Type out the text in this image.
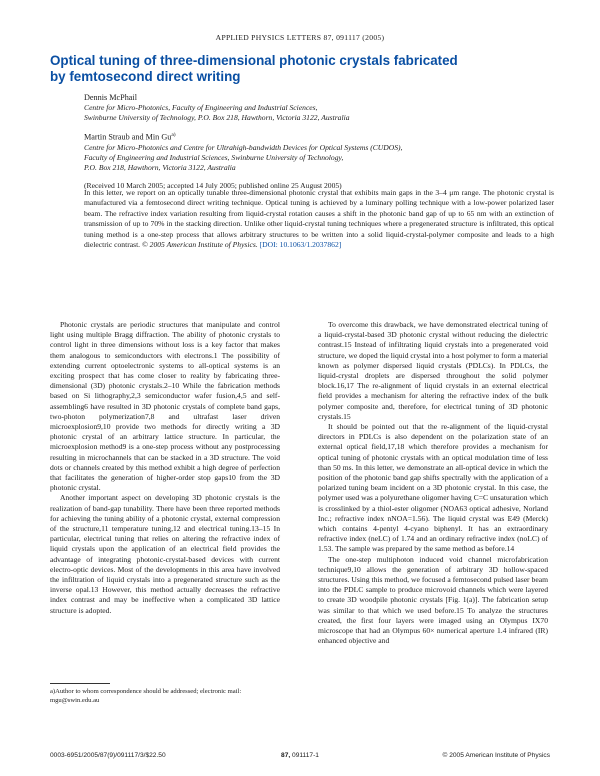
APPLIED PHYSICS LETTERS 87, 091117 (2005)
Optical tuning of three-dimensional photonic crystals fabricated
by femtosecond direct writing
Dennis McPhail
Centre for Micro-Photonics, Faculty of Engineering and Industrial Sciences,
Swinburne University of Technology, P.O. Box 218, Hawthorn, Victoria 3122, Australia
Martin Straub and Min Gu$^{a)}$
Centre for Micro-Photonics and Centre for Ultrahigh-bandwidth Devices for Optical Systems (CUDOS),
Faculty of Engineering and Industrial Sciences, Swinburne University of Technology,
P.O. Box 218, Hawthorn, Victoria 3122, Australia
(Received 10 March 2005; accepted 14 July 2005; published online 25 August 2005)
In this letter, we report on an optically tunable three-dimensional photonic crystal that exhibits main gaps in the 3–4 μm range. The photonic crystal is manufactured via a femtosecond direct writing technique. Optical tuning is achieved by a luminary polling technique with a low-power polarized laser beam. The refractive index variation resulting from liquid-crystal rotation causes a shift in the photonic band gap of up to 65 nm with an extinction of transmission of up to 70% in the stacking direction. Unlike other liquid-crystal tuning techniques where a pregenerated structure is infiltrated, this optical tuning method is a one-step process that allows arbitrary structures to be written into a solid liquid-crystal-polymer composite and leads to a high dielectric contrast. © 2005 American Institute of Physics. [DOI: 10.1063/1.2037862]

Photonic crystals are periodic structures that manipulate and control light using multiple Bragg diffraction. The ability of photonic crystals to control light in three dimensions without loss is a key factor that makes them analogous to semiconductors with electrons.1 The possibility of extending current optoelectronic systems to all-optical systems is an exciting prospect that has come closer to reality by fabricating three-dimensional (3D) photonic crystals.2–10 While the fabrication methods based on Si lithography,2,3 semiconductor wafer fusion,4,5 and self-assembling6 have resulted in 3D photonic crystals of complete band gaps, two-photon polymerization7,8 and ultrafast laser driven microexplosion9,10 provide two methods for directly writing a 3D photonic crystal of an arbitrary lattice structure. In particular, the microexplosion method9 is a one-step process without any postprocessing resulting in microchannels that can be stacked in a 3D structure. The void dots or channels created by this method exhibit a high degree of perfection that facilitates the generation of higher-order stop gaps10 from the 3D photonic crystal.

Another important aspect on developing 3D photonic crystals is the realization of band-gap tunability. There have been three reported methods for achieving the tuning ability of a photonic crystal, external compression of the structure,11 temperature tuning,12 and electrical tuning.13–15 In particular, electrical tuning that relies on altering the refractive index of liquid crystals upon the application of an electrical field provides the advantage of integrating photonic-crystal-based devices with current electro-optic devices. Most of the developments in this area have involved the infiltration of liquid crystals into a pregenerated structure such as the inverse opal.13 However, this method actually decreases the refractive index contrast and may be ineffective when a complicated 3D lattice structure is adopted.

To overcome this drawback, we have demonstrated electrical tuning of a liquid-crystal-based 3D photonic crystal without reducing the dielectric contrast.15 Instead of infiltrating liquid crystals into a pregenerated void structure, we doped the liquid crystal into a host polymer to form a material known as polymer dispersed liquid crystals (PDLCs). In PDLCs, the liquid-crystal droplets are dispersed throughout the solid polymer block.16,17 The re-alignment of liquid crystals in an external electrical field provides a mechanism for altering the refractive index of the bulk polymer composite and, therefore, for electrical tuning of 3D photonic crystals.15

It should be pointed out that the re-alignment of the liquid-crystal directors in PDLCs is also dependent on the polarization state of an external optical field,17,18 which therefore provides a mechanism for optical tuning of photonic crystals with an optical modulation time of less than 50 ms. In this letter, we demonstrate an all-optical device in which the position of the photonic band gap shifts spectrally with the application of a polarized tuning beam incident on a 3D photonic crystal. In this case, the polymer used was a polyurethane oligomer having C=C unsaturation which is crosslinked by a thiol-ester oligomer (NOA63 optical adhesive, Norland Inc.; refractive index nNOA=1.56). The liquid crystal was E49 (Merck) which contains 4-pentyl 4-cyano biphenyl. It has an extraordinary refractive index (neLC) of 1.74 and an ordinary refractive index (noLC) of 1.53. The sample was prepared by the same method as before.14

The one-step multiphoton induced void channel microfabrication technique9,10 allows the generation of arbitrary 3D hollow-spaced structures. Using this method, we focused a femtosecond pulsed laser beam into the PDLC sample to produce microvoid channels which were layered to create 3D woodpile photonic crystals [Fig. 1(a)]. The fabrication setup was similar to that which we used before.15 To analyze the structures created, the first four layers were imaged using an Olympus IX70 microscope that had an Olympus 60× numerical aperture 1.4 infrared (IR) enhanced objective and

a)Author to whom correspondence should be addressed; electronic mail: mgu@swin.edu.au
0003-6951/2005/87(9)/091117/3/$22.50	87, 091117-1	© 2005 American Institute of Physics
